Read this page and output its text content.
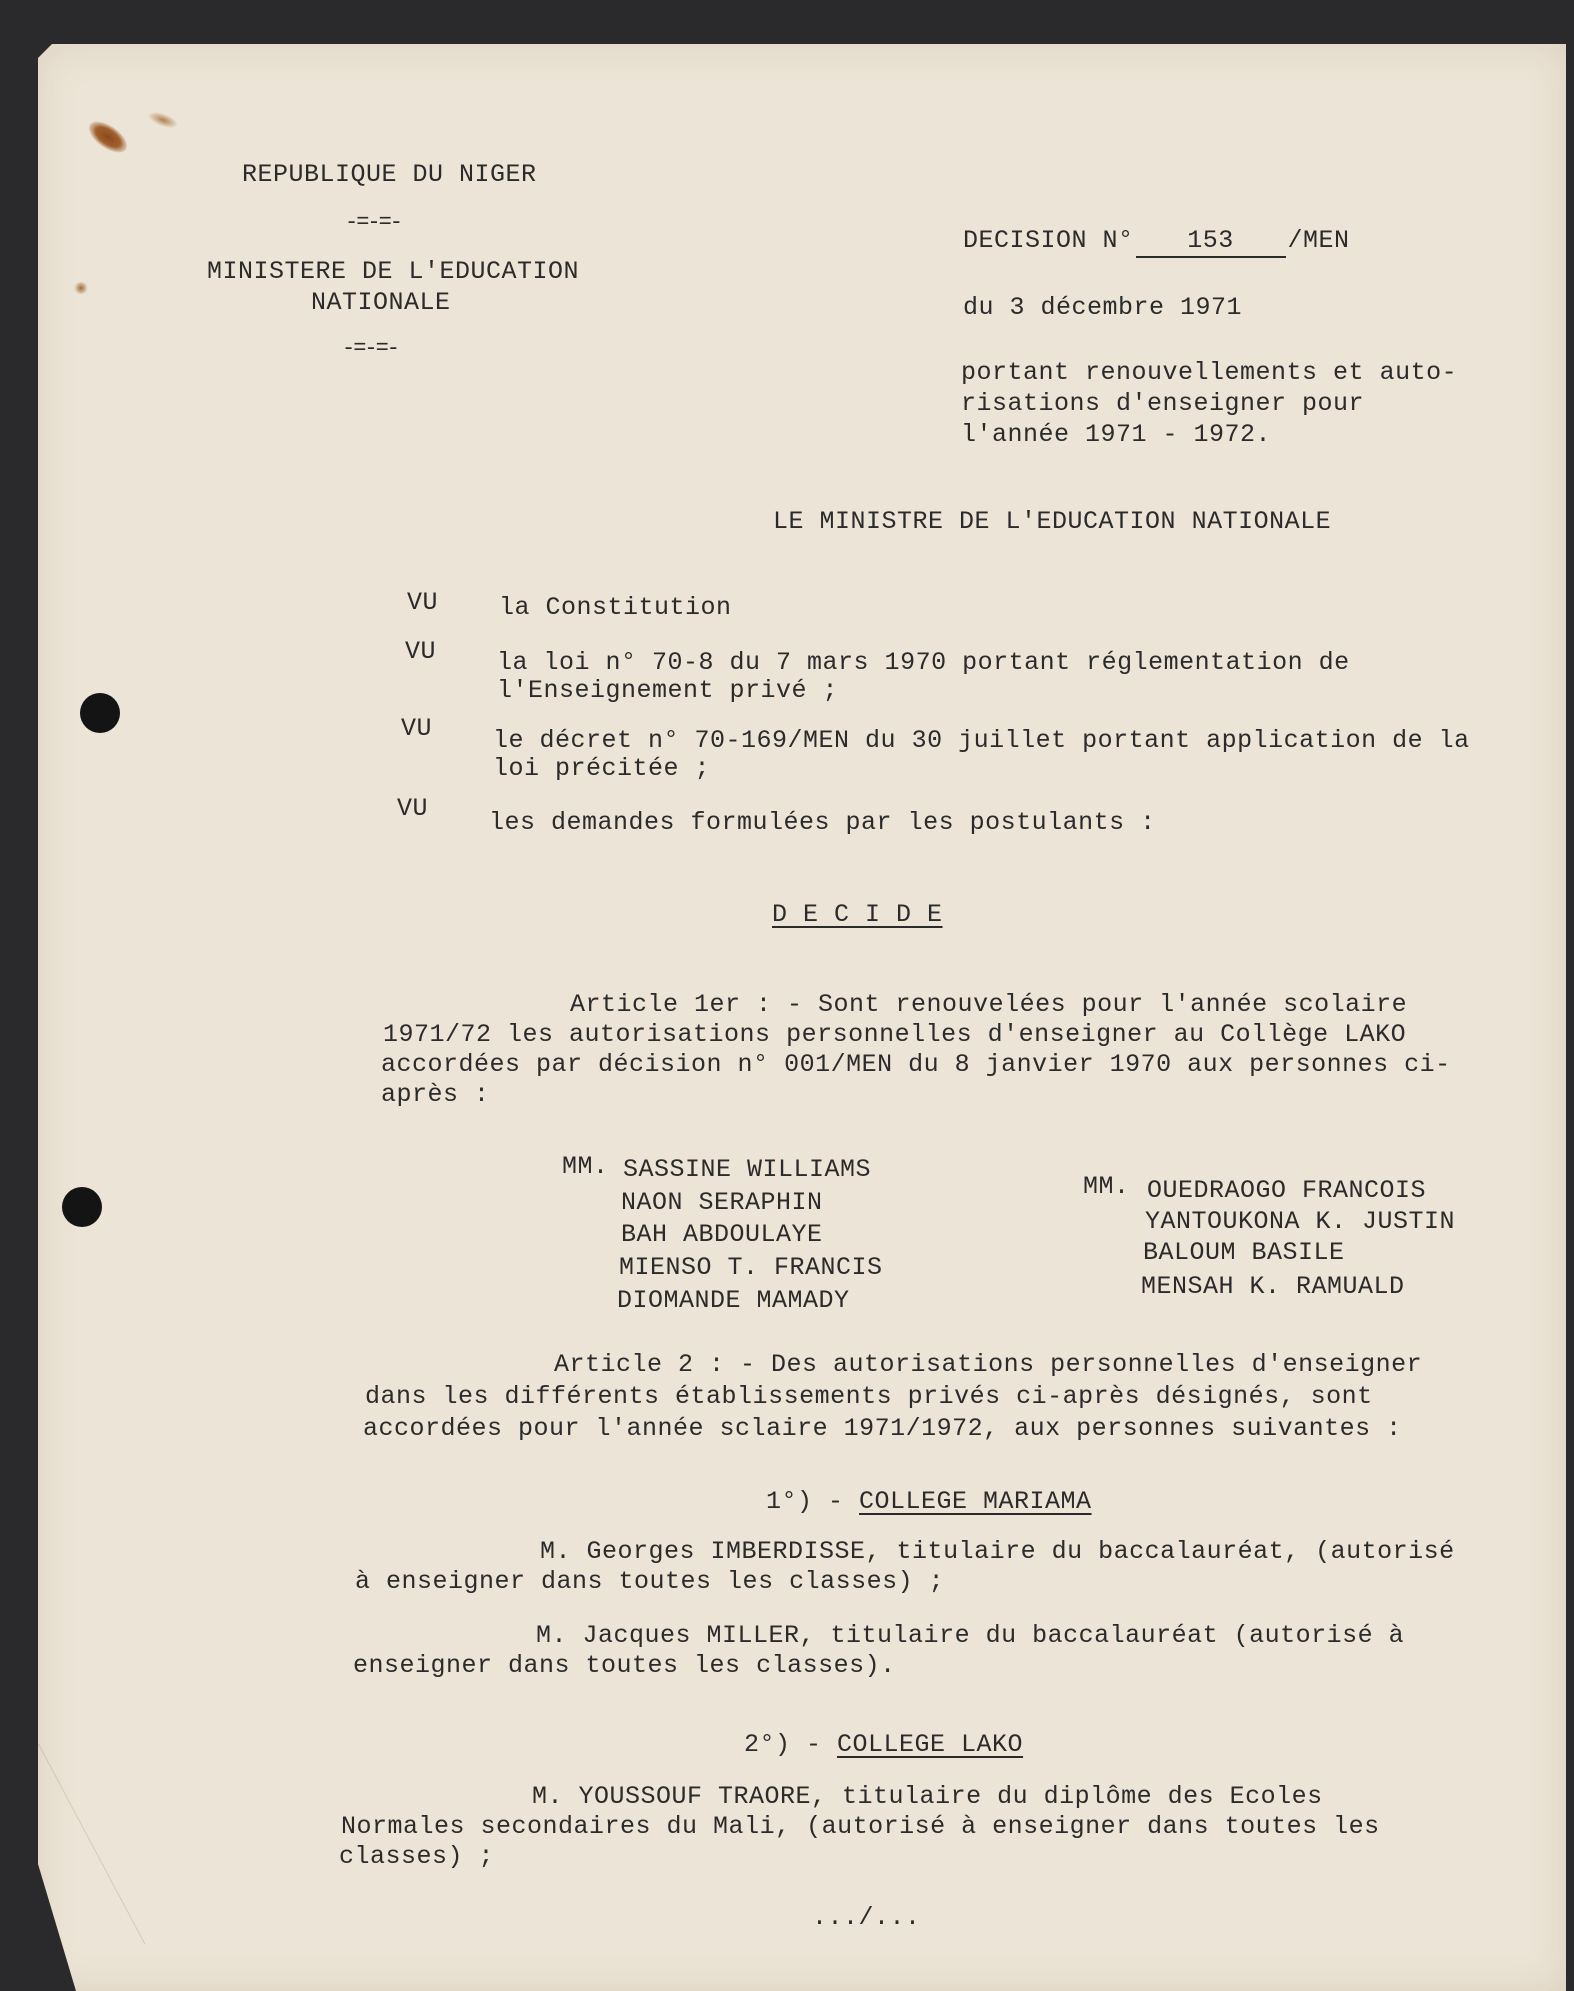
REPUBLIQUE DU NIGER
-=-=-
MINISTERE DE L'EDUCATION
NATIONALE
-=-=-
DECISION N° 153 /MEN
du 3 décembre 1971
portant renouvellements et auto-
risations d'enseigner pour
l'année 1971 - 1972.
LE MINISTRE DE L'EDUCATION NATIONALE
VU la Constitution
VU la loi n° 70-8 du 7 mars 1970 portant réglementation de
l'Enseignement privé ;
VU le décret n° 70-169/MEN du 30 juillet portant application de la
loi précitée ;
VU les demandes formulées par les postulants :
D E C I D E
Article 1er : - Sont renouvelées pour l'année scolaire
1971/72 les autorisations personnelles d'enseigner au Collège LAKO
accordées par décision n° 001/MEN du 8 janvier 1970 aux personnes ci-
après :
MM. SASSINE WILLIAMS
NAON SERAPHIN
BAH ABDOULAYE
MIENSO T. FRANCIS
DIOMANDE MAMADY
MM. OUEDRAOGO FRANCOIS
YANTOUKONA K. JUSTIN
BALOUM BASILE
MENSAH K. RAMUALD
Article 2 : - Des autorisations personnelles d'enseigner
dans les différents établissements privés ci-après désignés, sont
accordées pour l'année sclaire 1971/1972, aux personnes suivantes :
1°) - COLLEGE MARIAMA
M. Georges IMBERDISSE, titulaire du baccalauréat, (autorisé
à enseigner dans toutes les classes) ;
M. Jacques MILLER, titulaire du baccalauréat (autorisé à
enseigner dans toutes les classes).
2°) - COLLEGE LAKO
M. YOUSSOUF TRAORE, titulaire du diplôme des Ecoles
Normales secondaires du Mali, (autorisé à enseigner dans toutes les
classes) ;
.../...
